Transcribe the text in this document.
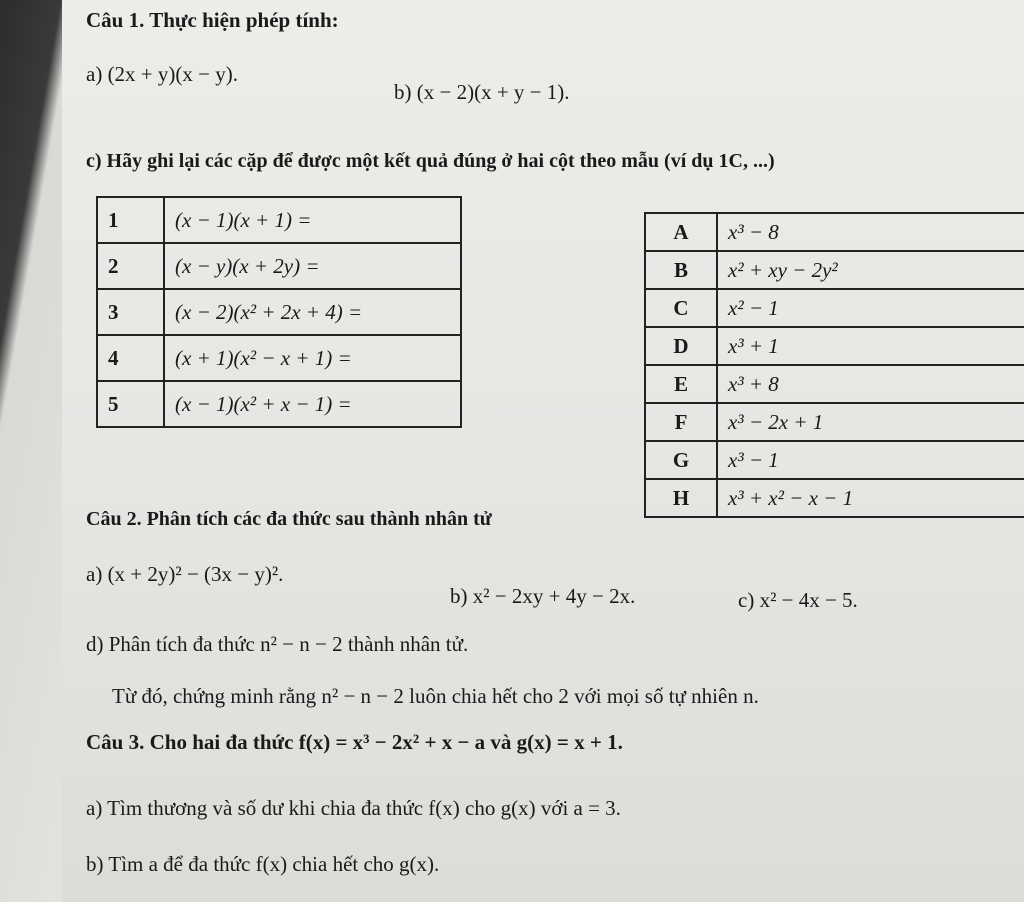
Câu 1. Thực hiện phép tính:
a) (2x + y)(x − y).
b) (x − 2)(x + y − 1).
c) Hãy ghi lại các cặp để được một kết quả đúng ở hai cột theo mẫu (ví dụ 1C, ...)
1	(x − 1)(x + 1) =
2	(x − y)(x + 2y) =
3	(x − 2)(x² + 2x + 4) =
4	(x + 1)(x² − x + 1) =
5	(x − 1)(x² + x − 1) =
A	x³ − 8
B	x² + xy − 2y²
C	x² − 1
D	x³ + 1
E	x³ + 8
F	x³ − 2x + 1
G	x³ − 1
H	x³ + x² − x − 1
Câu 2. Phân tích các đa thức sau thành nhân tử
a) (x + 2y)² − (3x − y)².
b) x² − 2xy + 4y − 2x.	c) x² − 4x − 5.
d) Phân tích đa thức n² − n − 2 thành nhân tử.
Từ đó, chứng minh rằng n² − n − 2 luôn chia hết cho 2 với mọi số tự nhiên n.
Câu 3. Cho hai đa thức f(x) = x³ − 2x² + x − a và g(x) = x + 1.
a) Tìm thương và số dư khi chia đa thức f(x) cho g(x) với a = 3.
b) Tìm a để đa thức f(x) chia hết cho g(x).
